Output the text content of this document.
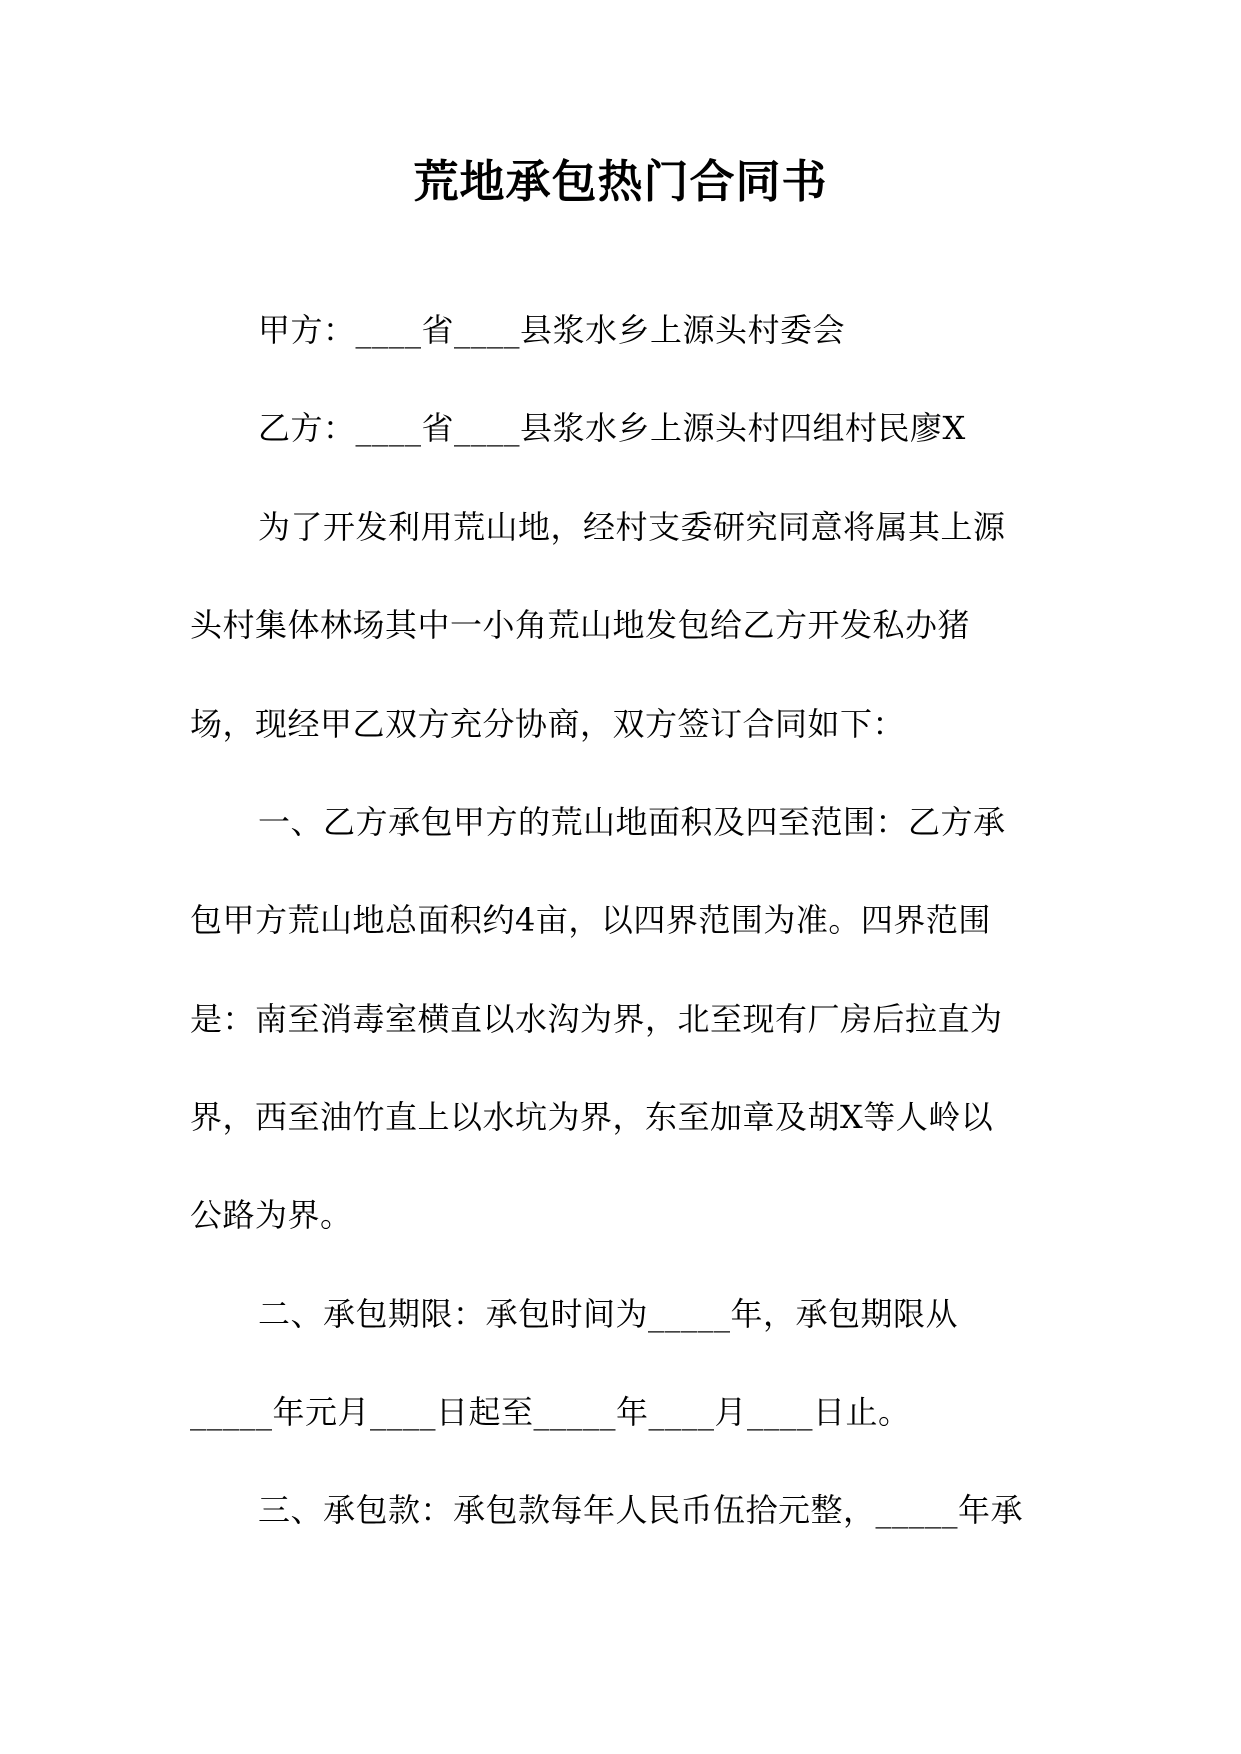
荒地承包热门合同书
甲方：____省____县浆水乡上源头村委会
乙方：____省____县浆水乡上源头村四组村民廖X
为了开发利用荒山地，经村支委研究同意将属其上源
头村集体林场其中一小角荒山地发包给乙方开发私办猪
场，现经甲乙双方充分协商，双方签订合同如下：
一、乙方承包甲方的荒山地面积及四至范围：乙方承
包甲方荒山地总面积约4亩，以四界范围为准。四界范围
是：南至消毒室横直以水沟为界，北至现有厂房后拉直为
界，西至油竹直上以水坑为界，东至加章及胡X等人岭以
公路为界。
二、承包期限：承包时间为_____年，承包期限从
_____年元月____日起至_____年____月____日止。
三、承包款：承包款每年人民币伍拾元整，_____年承
